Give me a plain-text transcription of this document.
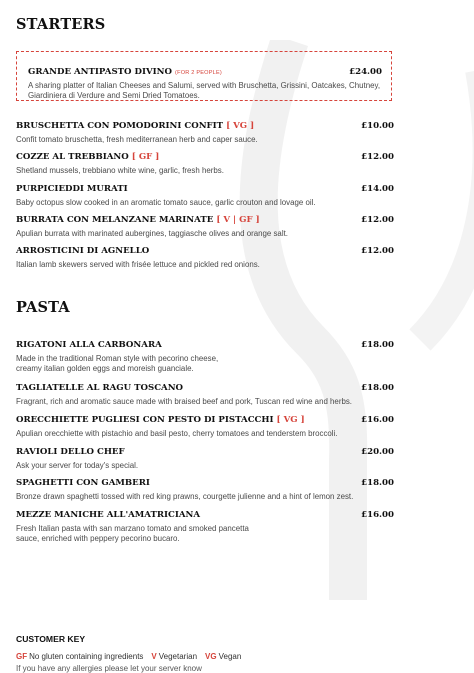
STARTERS
GRANDE ANTIPASTO DIVINO (FOR 2 PEOPLE)	£24.00
A sharing platter of Italian Cheeses and Salumi, served with Bruschetta, Grissini, Oatcakes, Chutney, Giardiniera di Verdure and Semi Dried Tomatoes.
BRUSCHETTA CON POMODORINI CONFIT [ VG ]	£10.00
Confit tomato bruschetta, fresh mediterranean herb and caper sauce.
COZZE AL TREBBIANO [ GF ]	£12.00
Shetland mussels, trebbiano white wine, garlic, fresh herbs.
PURPICIEDDI MURATI	£14.00
Baby octopus slow cooked in an aromatic tomato sauce, garlic crouton and lovage oil.
BURRATA CON MELANZANE MARINATE [ V | GF ]	£12.00
Apulian burrata with marinated aubergines, taggiasche olives and orange salt.
ARROSTICINI DI AGNELLO	£12.00
Italian lamb skewers served with frisée lettuce and pickled red onions.
PASTA
RIGATONI ALLA CARBONARA	£18.00
Made in the traditional Roman style with pecorino cheese, creamy italian golden eggs and moreish guanciale.
TAGLIATELLE AL RAGU TOSCANO	£18.00
Fragrant, rich and aromatic sauce made with braised beef and pork, Tuscan red wine and herbs.
ORECCHIETTE PUGLIESI CON PESTO DI PISTACCHI [ VG ]	£16.00
Apulian orecchiette with pistachio and basil pesto, cherry tomatoes and tenderstem broccoli.
RAVIOLI DELLO CHEF	£20.00
Ask your server for today's special.
SPAGHETTI CON GAMBERI	£18.00
Bronze drawn spaghetti tossed with red king prawns, courgette julienne and a hint of lemon zest.
MEZZE MANICHE ALL'AMATRICIANA	£16.00
Fresh Italian pasta with san marzano tomato and smoked pancetta sauce, enriched with peppery pecorino bucaro.
CUSTOMER KEY
GF No gluten containing ingredients V Vegetarian VG Vegan
If you have any allergies please let your server know
